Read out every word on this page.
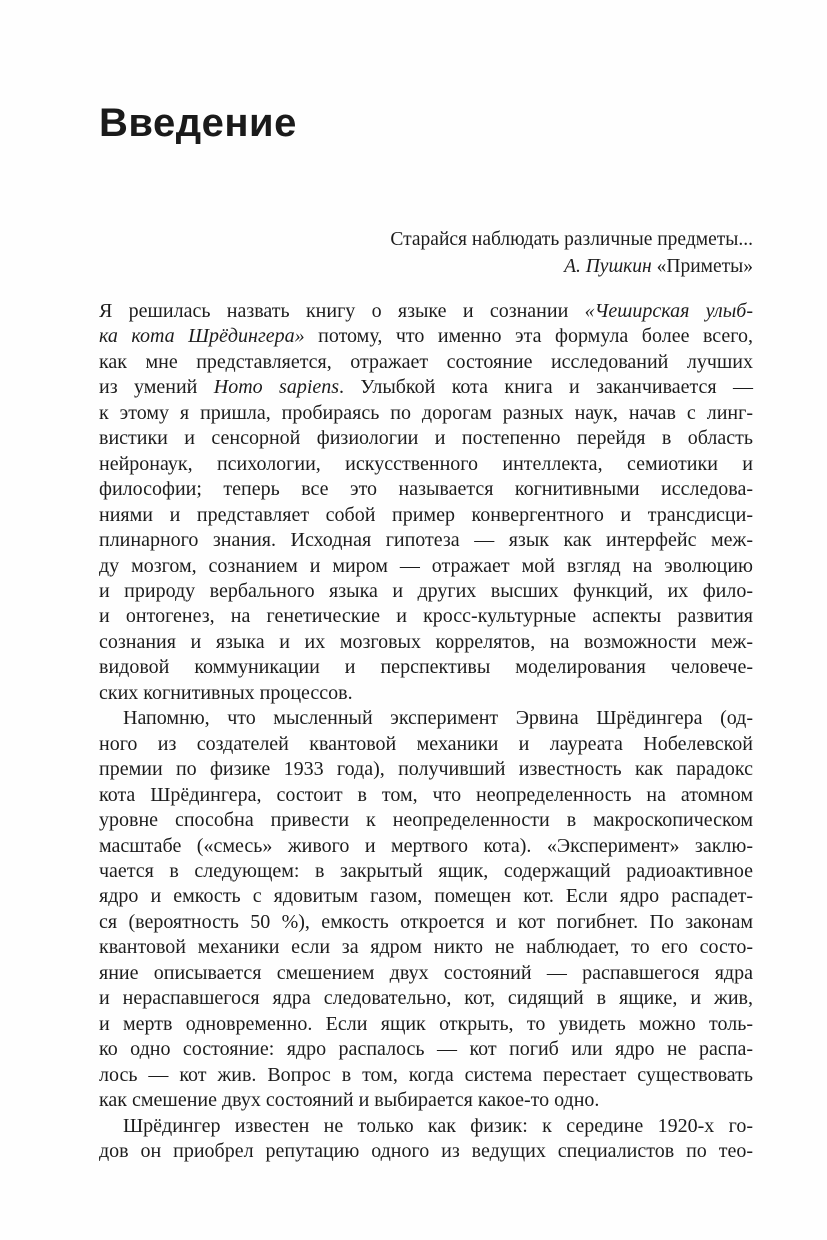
Введение
Старайся наблюдать различные предметы...
А. Пушкин «Приметы»
Я решилась назвать книгу о языке и сознании «Чеширская улыб-
ка кота Шрёдингера» потому, что именно эта формула более всего,
как мне представляется, отражает состояние исследований лучших
из умений Homo sapiens. Улыбкой кота книга и заканчивается —
к этому я пришла, пробираясь по дорогам разных наук, начав с линг-
вистики и сенсорной физиологии и постепенно перейдя в область
нейронаук, психологии, искусственного интеллекта, семиотики и
философии; теперь все это называется когнитивными исследова-
ниями и представляет собой пример конвергентного и трансдисци-
плинарного знания. Исходная гипотеза — язык как интерфейс меж-
ду мозгом, сознанием и миром — отражает мой взгляд на эволюцию
и природу вербального языка и других высших функций, их фило-
и онтогенез, на генетические и кросс-культурные аспекты развития
сознания и языка и их мозговых коррелятов, на возможности меж-
видовой коммуникации и перспективы моделирования человече-
ских когнитивных процессов.
Напомню, что мысленный эксперимент Эрвина Шрёдингера (од-
ного из создателей квантовой механики и лауреата Нобелевской
премии по физике 1933 года), получивший известность как парадокс
кота Шрёдингера, состоит в том, что неопределенность на атомном
уровне способна привести к неопределенности в макроскопическом
масштабе («смесь» живого и мертвого кота). «Эксперимент» заклю-
чается в следующем: в закрытый ящик, содержащий радиоактивное
ядро и емкость с ядовитым газом, помещен кот. Если ядро распадет-
ся (вероятность 50 %), емкость откроется и кот погибнет. По законам
квантовой механики если за ядром никто не наблюдает, то его состо-
яние описывается смешением двух состояний — распавшегося ядра
и нераспавшегося ядра следовательно, кот, сидящий в ящике, и жив,
и мертв одновременно. Если ящик открыть, то увидеть можно толь-
ко одно состояние: ядро распалось — кот погиб или ядро не распа-
лось — кот жив. Вопрос в том, когда система перестает существовать
как смешение двух состояний и выбирается какое-то одно.
Шрёдингер известен не только как физик: к середине 1920-х го-
дов он приобрел репутацию одного из ведущих специалистов по тео-
